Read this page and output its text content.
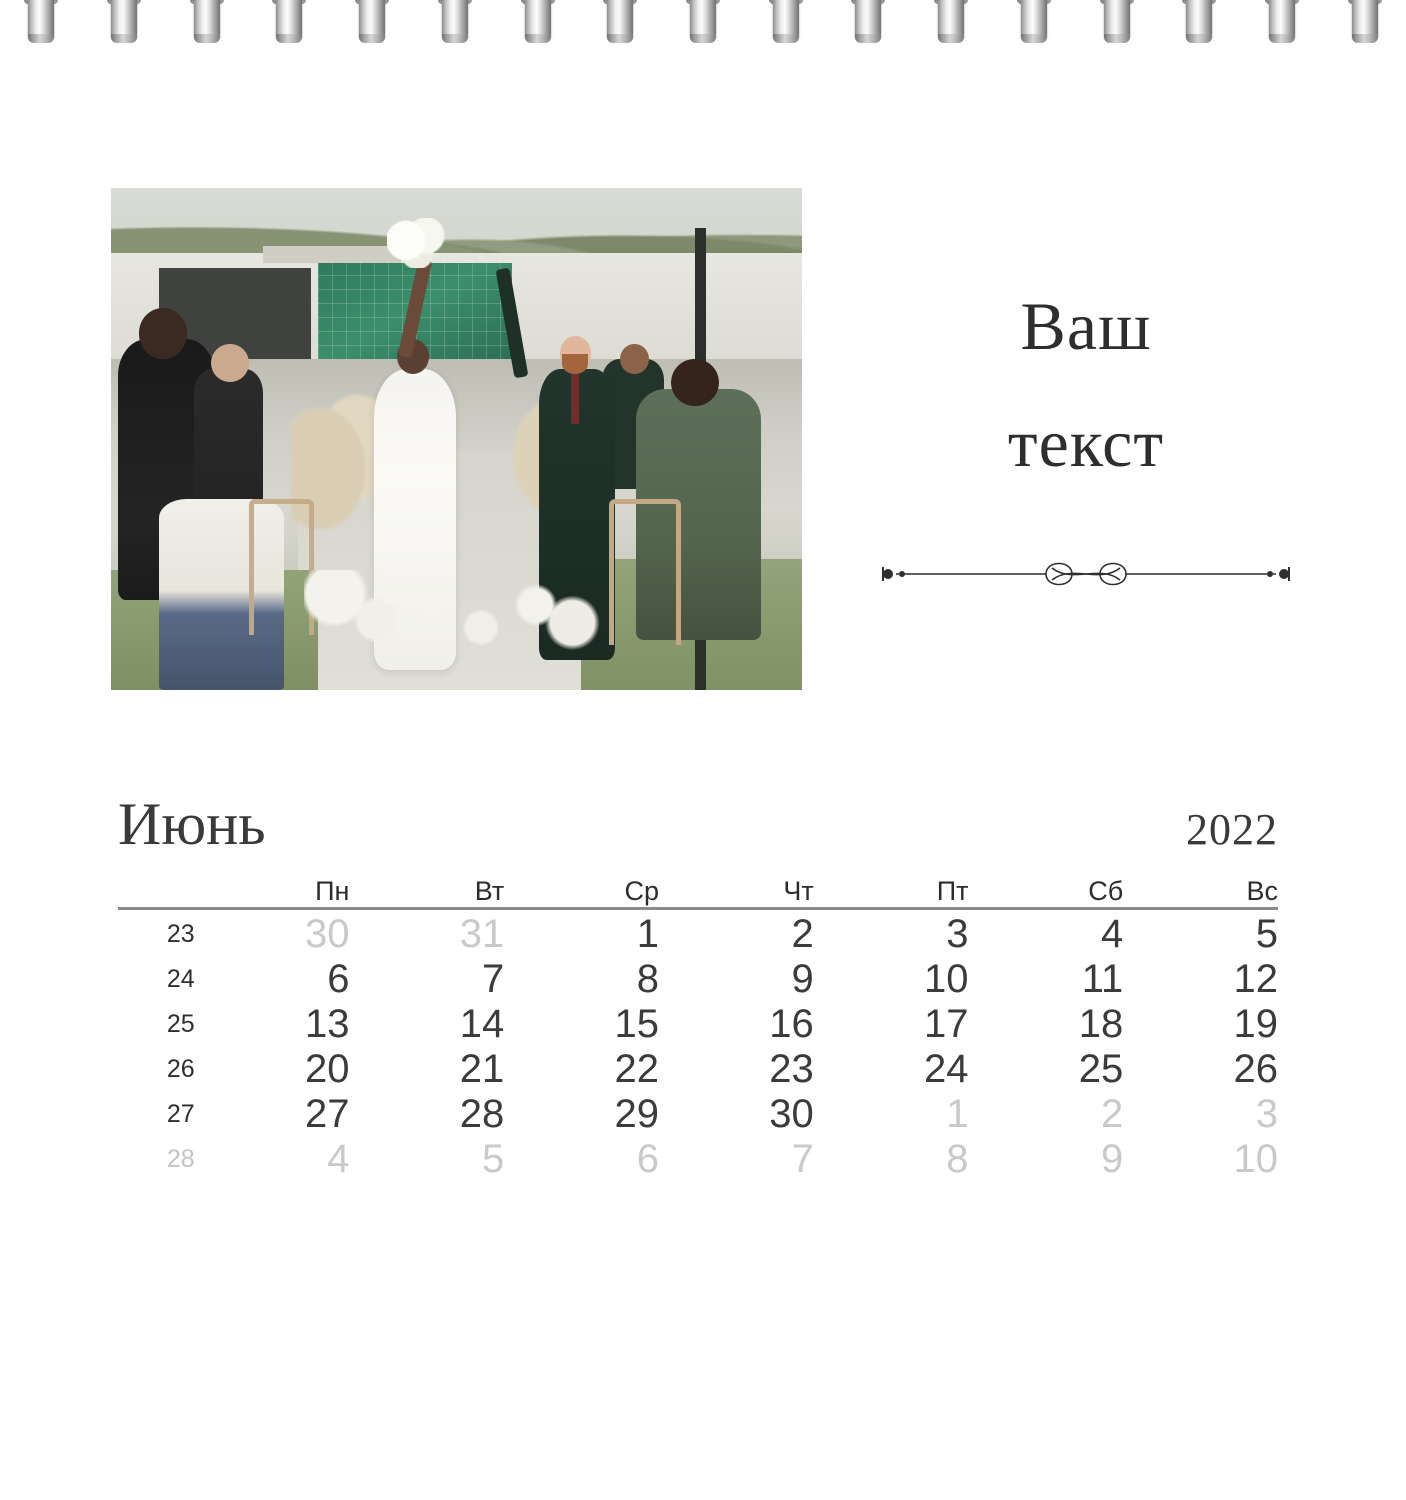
Ваш
текст
Июнь	2022
	Пн	Вт	Ср	Чт	Пт	Сб	Вс

23	30	31	1	2	3	4	5
24	6	7	8	9	10	11	12
25	13	14	15	16	17	18	19
26	20	21	22	23	24	25	26
27	27	28	29	30	1	2	3
28	4	5	6	7	8	9	10
